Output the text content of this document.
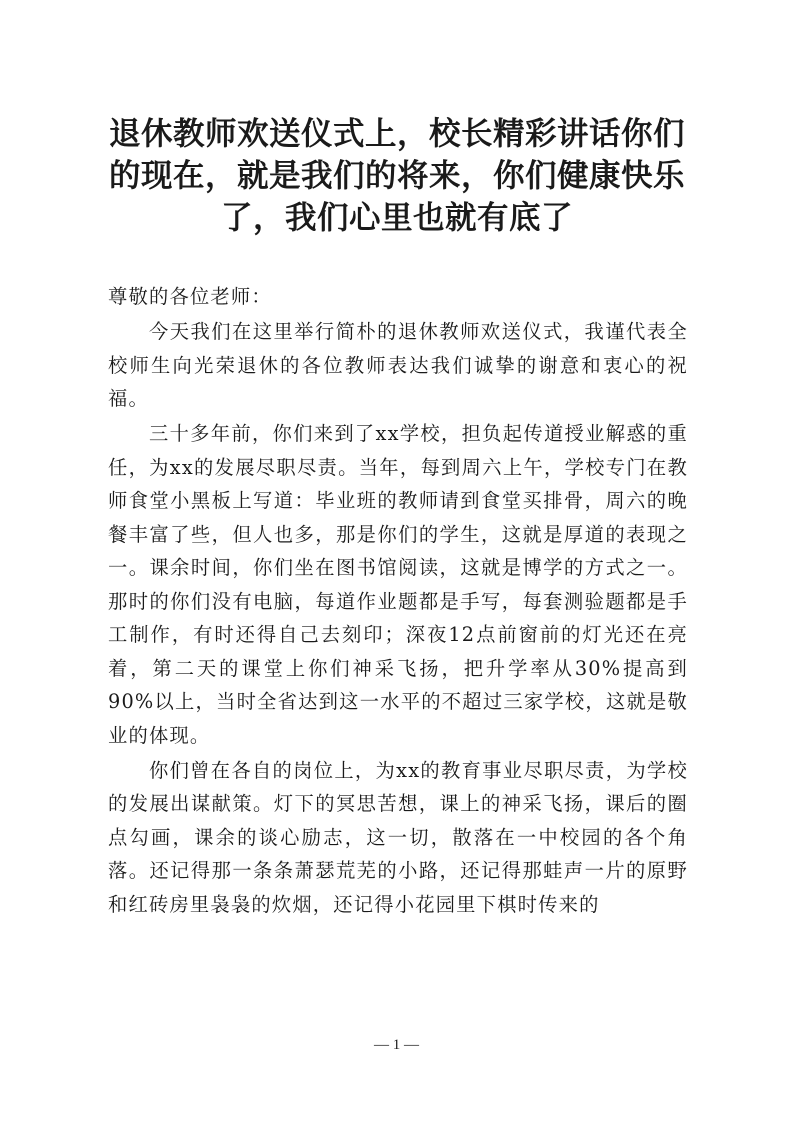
退休教师欢送仪式上，校长精彩讲话你们的现在，就是我们的将来，你们健康快乐了，我们心里也就有底了

尊敬的各位老师：

今天我们在这里举行简朴的退休教师欢送仪式，我谨代表全校师生向光荣退休的各位教师表达我们诚挚的谢意和衷心的祝福。

三十多年前，你们来到了xx学校，担负起传道授业解惑的重任，为xx的发展尽职尽责。当年，每到周六上午，学校专门在教师食堂小黑板上写道：毕业班的教师请到食堂买排骨，周六的晚餐丰富了些，但人也多，那是你们的学生，这就是厚道的表现之一。课余时间，你们坐在图书馆阅读，这就是博学的方式之一。那时的你们没有电脑，每道作业题都是手写，每套测验题都是手工制作，有时还得自己去刻印；深夜12点前窗前的灯光还在亮着，第二天的课堂上你们神采飞扬，把升学率从30%提高到90%以上，当时全省达到这一水平的不超过三家学校，这就是敬业的体现。

你们曾在各自的岗位上，为xx的教育事业尽职尽责，为学校的发展出谋献策。灯下的冥思苦想，课上的神采飞扬，课后的圈点勾画，课余的谈心励志，这一切，散落在一中校园的各个角落。还记得那一条条萧瑟荒芜的小路，还记得那蛙声一片的原野和红砖房里袅袅的炊烟，还记得小花园里下棋时传来的

— 1 —
